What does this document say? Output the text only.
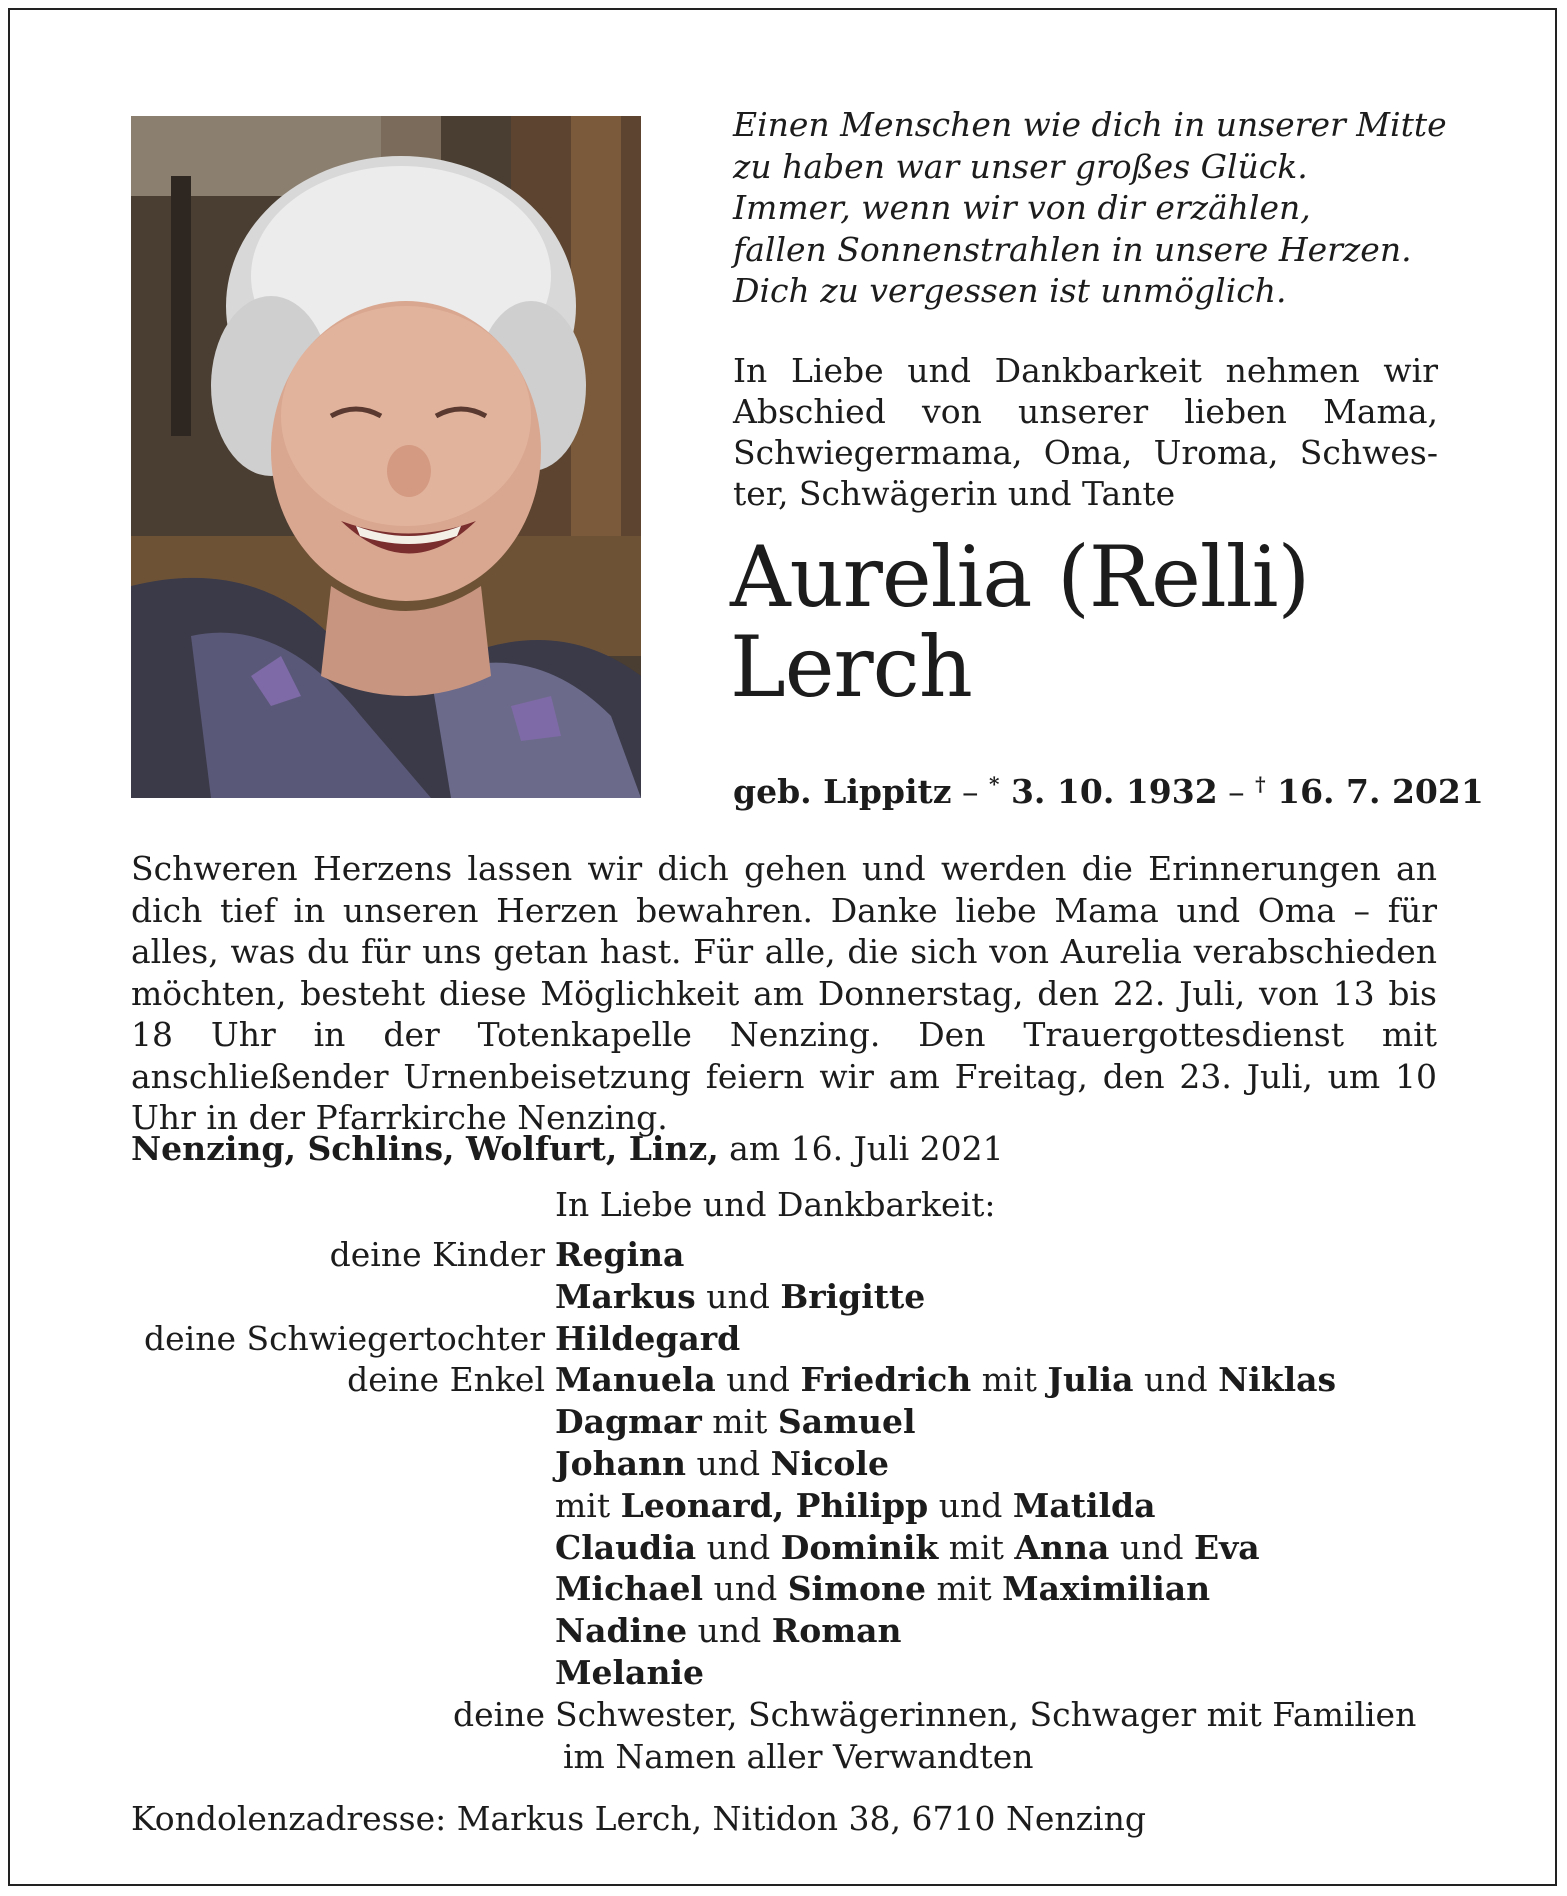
Einen Menschen wie dich in unserer Mitte
zu haben war unser großes Glück.
Immer, wenn wir von dir erzählen,
fallen Sonnenstrahlen in unsere Herzen.
Dich zu vergessen ist unmöglich.
In Liebe und Dankbarkeit nehmen wir Abschied von unserer lieben Mama, Schwiegermama, Oma, Uroma, Schwester, Schwägerin und Tante
Aurelia (Relli)
Lerch
geb. Lippitz – * 3. 10. 1932 – † 16. 7. 2021
Schweren Herzens lassen wir dich gehen und werden die Erinnerungen an dich tief in unseren Herzen bewahren. Danke liebe Mama und Oma – für alles, was du für uns getan hast. Für alle, die sich von Aurelia verabschieden möchten, besteht diese Möglichkeit am Donnerstag, den 22. Juli, von 13 bis 18 Uhr in der Totenkapelle Nenzing. Den Trauergottesdienst mit anschließender Urnenbeisetzung feiern wir am Freitag, den 23. Juli, um 10 Uhr in der Pfarrkirche Nenzing.
Nenzing, Schlins, Wolfurt, Linz, am 16. Juli 2021
In Liebe und Dankbarkeit:
deine Kinder Regina
Markus und Brigitte
deine Schwiegertochter Hildegard
deine Enkel Manuela und Friedrich mit Julia und Niklas
Dagmar mit Samuel
Johann und Nicole
mit Leonard, Philipp und Matilda
Claudia und Dominik mit Anna und Eva
Michael und Simone mit Maximilian
Nadine und Roman
Melanie
deine Schwester, Schwägerinnen, Schwager mit Familien
im Namen aller Verwandten
Kondolenzadresse: Markus Lerch, Nitidon 38, 6710 Nenzing
